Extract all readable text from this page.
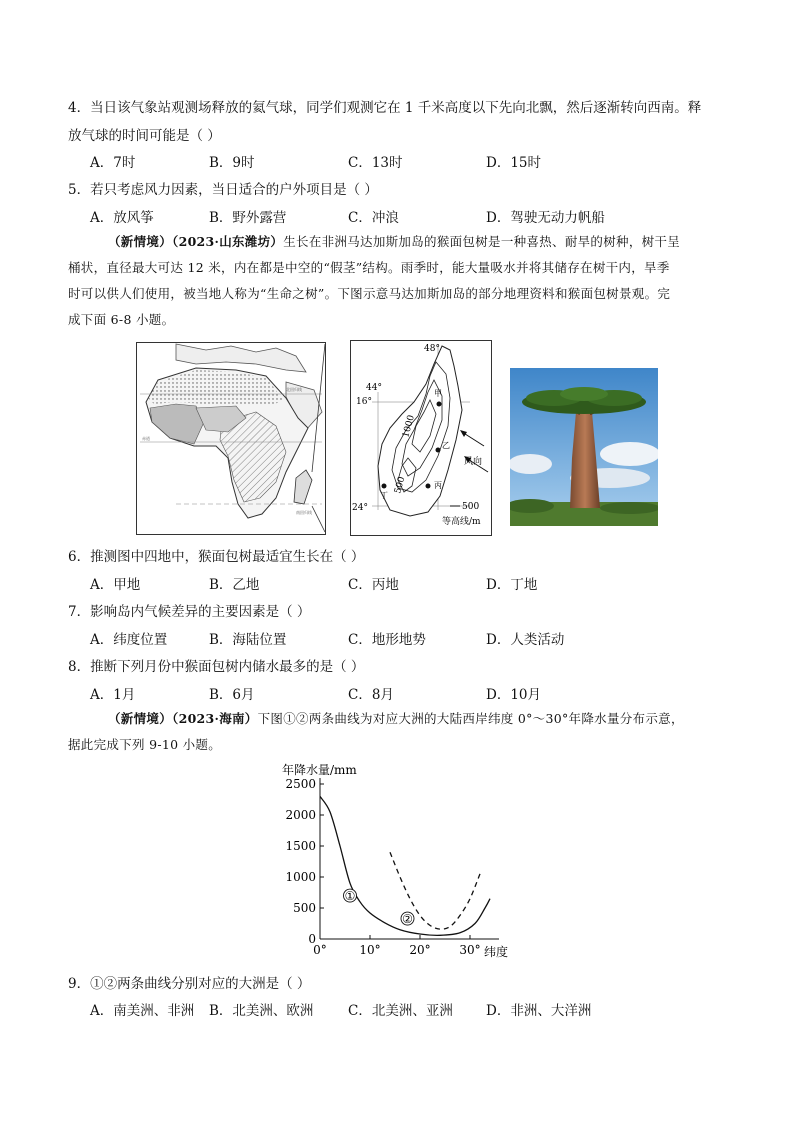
4．当日该气象站观测场释放的氦气球，同学们观测它在 1 千米高度以下先向北飘，然后逐渐转向西南。释
放气球的时间可能是（ ）
A．7时	B．9时	C．13时	D．15时
5．若只考虑风力因素，当日适合的户外项目是（ ）
A．放风筝	B．野外露营	C．冲浪	D．驾驶无动力帆船
（新情境）（2023·山东潍坊）生长在非洲马达加斯加岛的猴面包树是一种喜热、耐旱的树种，树干呈
桶状，直径最大可达 12 米，内在都是中空的“假茎”结构。雨季时，能大量吸水并将其储存在树干内，旱季
时可以供人们使用，被当地人称为“生命之树”。下图示意马达加斯加岛的部分地理资料和猴面包树景观。完
成下面 6-8 小题。
北回归线
赤道
南回归线
48°
44°
16°
24°
甲
乙
丙
丁
1000
500
风向
500
等高线/m
6．推测图中四地中，猴面包树最适宜生长在（ ）
A．甲地	B．乙地	C．丙地	D．丁地
7．影响岛内气候差异的主要因素是（ ）
A．纬度位置	B．海陆位置	C．地形地势	D．人类活动
8．推断下列月份中猴面包树内储水最多的是（ ）
A．1月	B．6月	C．8月	D．10月
（新情境）（2023·海南）下图①②两条曲线为对应大洲的大陆西岸纬度 0°～30°年降水量分布示意，
据此完成下列 9-10 小题。
年降水量/mm
纬度
0
500
1000
1500
2000
2500
0°	10° 20° 30°
①
②
9．①②两条曲线分别对应的大洲是（ ）
A．南美洲、非洲 B．北美洲、欧洲	C．北美洲、亚洲 D．非洲、大洋洲
